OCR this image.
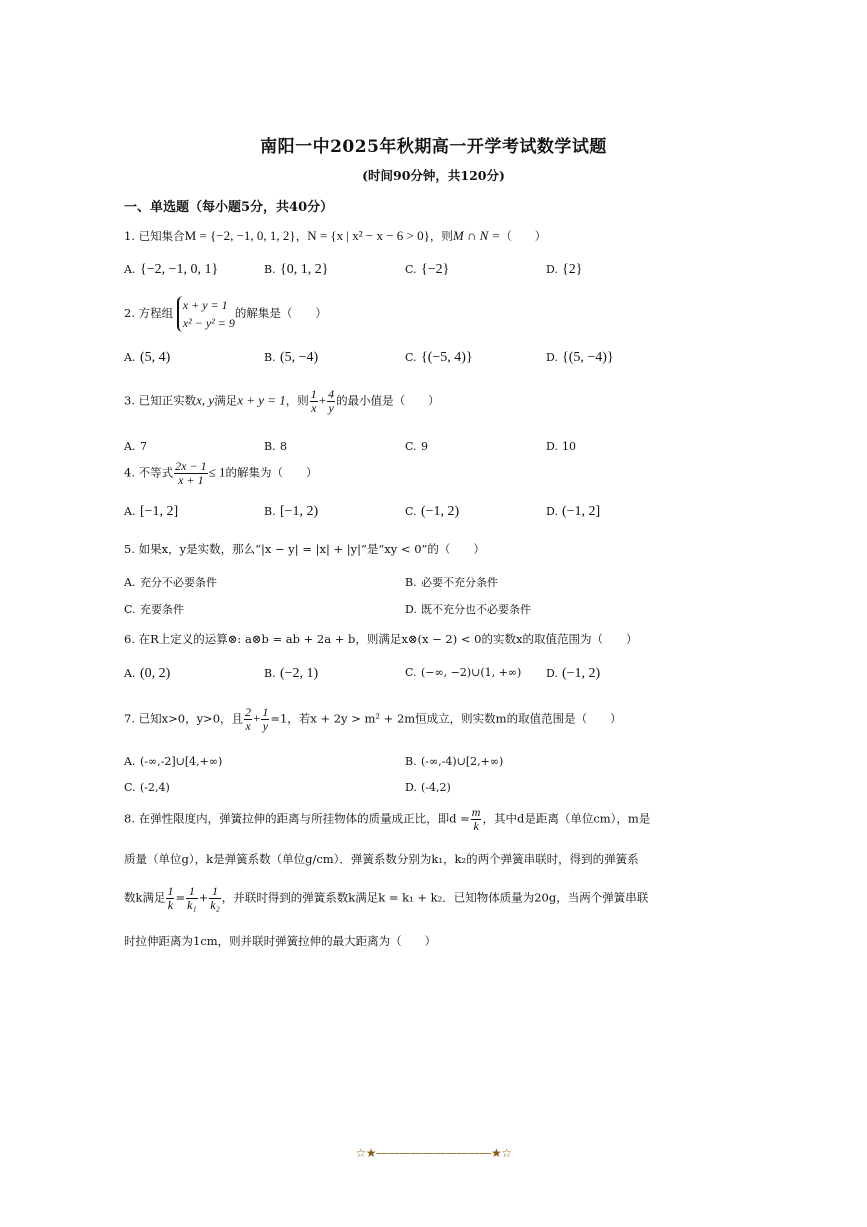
南阳一中2025年秋期高一开学考试数学试题
(时间90分钟，共120分)
一、单选题（每小题5分，共40分）
1. 已知集合M = {−2, −1, 0, 1, 2}，N = {x | x² − x − 6 > 0}，则M ∩ N =（　　）
A. {−2, −1, 0, 1}	B. {0, 1, 2}	C. {−2}	D. {2}
2. 方程组
x + y = 1
x² − y² = 9
的解集是（　　）
A. (5, 4)	B. (5, −4)	C. {(−5, 4)}	D. {(5, −4)}
3. 已知正实数x, y满足x + y = 1，则 $\frac{1}{x} + \frac{4}{y}$ 的最小值是（　　）
A. 7	B. 8	C. 9	D. 10
4. 不等式 $\frac{2x - 1}{x + 1} \le 1$的解集为（　　）
A. [−1, 2]	B. [−1, 2)	C. (−1, 2)	D. (−1, 2]
5. 如果x，y是实数，那么“|x − y| = |x| + |y|”是“xy < 0”的（　　）
A. 充分不必要条件	B. 必要不充分条件
C. 充要条件	D. 既不充分也不必要条件
6. 在R上定义的运算⊗: a⊗b = ab + 2a + b，则满足x⊗(x − 2) < 0的实数x的取值范围为（　　）
A. (0, 2)	B. (−2, 1)	C. (−∞, −2)∪(1, +∞) D. (−1, 2)
7. 已知x>0，y>0，且 $\frac{2}{x} + \frac{1}{y} =1$，若x + 2y > m² + 2m恒成立，则实数m的取值范围是（　　）
A. (-∞,-2]∪[4,+∞)	B. (-∞,-4)∪[2,+∞)
C. (-2,4)	D. (-4,2)
8. 在弹性限度内，弹簧拉伸的距离与所挂物体的质量成正比，即$d = \frac{m}{k}$ ，其中d是距离（单位cm），m是
质量（单位g），k是弹簧系数（单位g/cm）．弹簧系数分别为k₁，k₂的两个弹簧串联时，得到的弹簧系
数k满足 $\frac{1}{k} = \frac{1}{\text{k₁}} + \frac{1}{\text{k₂}}$ ，并联时得到的弹簧系数k满足k = k₁ + k₂．已知物体质量为20g，当两个弹簧串联
时拉伸距离为1cm，则并联时弹簧拉伸的最大距离为（　　）
☆★——————————★☆
